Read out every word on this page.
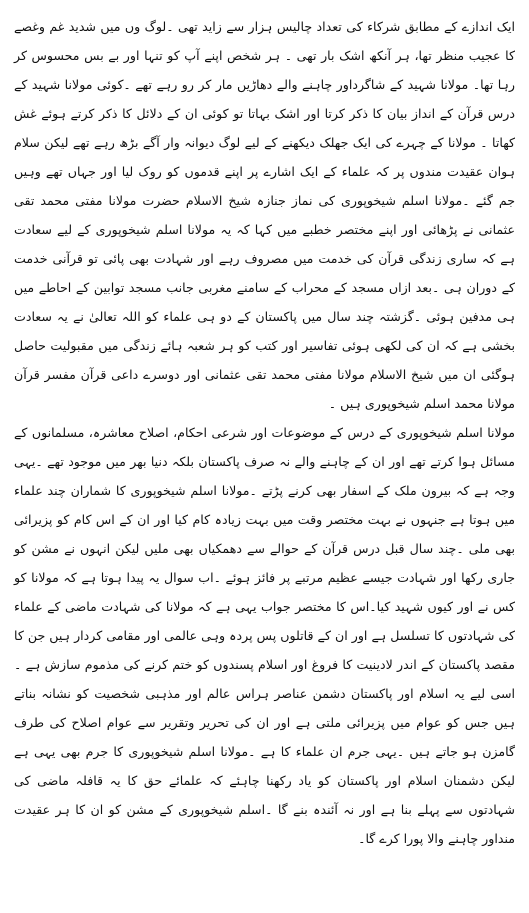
ایک اندازے کے مطابق شرکاء کی تعداد چالیس ہزار سے زاید تھی ۔لوگ وں میں شدید غم وغصے کا عجیب منظر تھا، ہر آنکھ اشک بار تھی ۔ ہر شخص اپنے آپ کو تنہا اور بے بس محسوس کر رہا تھا۔ مولانا شہید کے شاگرداور چاہنے والے دھاڑیں مار کر رو رہے تھے ۔کوئی مولانا شہید کے درس قرآن کے انداز بیان کا ذکر کرتا اور اشک بہاتا تو کوئی ان کے دلائل کا ذکر کرتے ہوئے غش کھاتا ۔ مولانا کے چہرے کی ایک جھلک دیکھنے کے لیے لوگ دیوانہ وار آگے بڑھ رہے تھے لیکن سلام ہوان عقیدت مندوں پر کہ علماء کے ایک اشارے پر اپنے قدموں کو روک لیا اور جہاں تھے وہیں جم گئے ۔مولانا اسلم شیخوپوری کی نماز جنازہ شیخ الاسلام حضرت مولانا مفتی محمد تقی عثمانی نے پڑھائی اور اپنے مختصر خطبے میں کہا کہ یہ مولانا اسلم شیخوپوری کے لیے سعادت ہے کہ ساری زندگی قرآن کی خدمت میں مصروف رہے اور شہادت بھی پائی تو قرآنی خدمت کے دوران ہی ۔بعد ازاں مسجد کے محراب کے سامنے مغربی جانب مسجد توابین کے احاطے میں ہی مدفین ہوئی ۔گزشتہ چند سال میں پاکستان کے دو ہی علماء کو اللہ تعالیٰ نے یہ سعادت بخشی ہے کہ ان کی لکھی ہوئی تفاسیر اور کتب کو ہر شعبہ ہائے زندگی میں مقبولیت حاصل ہوگئی ان میں شیخ الاسلام مولانا مفتی محمد تقی عثمانی اور دوسرے داعی قرآن مفسر قرآن مولانا محمد اسلم شیخوپوری ہیں ۔

مولانا اسلم شیخوپوری کے درس کے موضوعات اور شرعی احکام، اصلاح معاشرہ، مسلمانوں کے مسائل ہوا کرتے تھے اور ان کے چاہنے والے نہ صرف پاکستان بلکہ دنیا بھر میں موجود تھے ۔یہی وجہ ہے کہ بیرون ملک کے اسفار بھی کرنے پڑتے ۔مولانا اسلم شیخوپوری کا شماران چند علماء میں ہوتا ہے جنہوں نے بہت مختصر وقت میں بہت زیادہ کام کیا اور ان کے اس کام کو پزیرائی بھی ملی ۔چند سال قبل درس قرآن کے حوالے سے دھمکیاں بھی ملیں لیکن انہوں نے مشن کو جاری رکھا اور شہادت جیسے عظیم مرتبے پر فائز ہوئے ۔اب سوال یہ پیدا ہوتا ہے کہ مولانا کو کس نے اور کیوں شہید کیا۔اس کا مختصر جواب یہی ہے کہ مولانا کی شہادت ماضی کے علماء کی شہادتوں کا تسلسل ہے اور ان کے قاتلوں پس پردہ وہی عالمی اور مقامی کردار ہیں جن کا مقصد پاکستان کے اندر لادینیت کا فروغ اور اسلام پسندوں کو ختم کرنے کی مذموم سازش ہے ۔اسی لیے یہ اسلام اور پاکستان دشمن عناصر ہراس عالم اور مذہبی شخصیت کو نشانہ بناتے ہیں جس کو عوام میں پزیرائی ملتی ہے اور ان کی تحریر وتقریر سے عوام اصلاح کی طرف گامزن ہو جاتے ہیں ۔یہی جرم ان علماء کا ہے ۔مولانا اسلم شیخوپوری کا جرم بھی یہی ہے لیکن دشمنان اسلام اور پاکستان کو یاد رکھنا چاہئے کہ علمائے حق کا یہ قافلہ ماضی کی شہادتوں سے پہلے بنا ہے اور نہ آئندہ بنے گا ۔اسلم شیخوپوری کے مشن کو ان کا ہر عقیدت منداور چاہنے والا پورا کرے گا۔
